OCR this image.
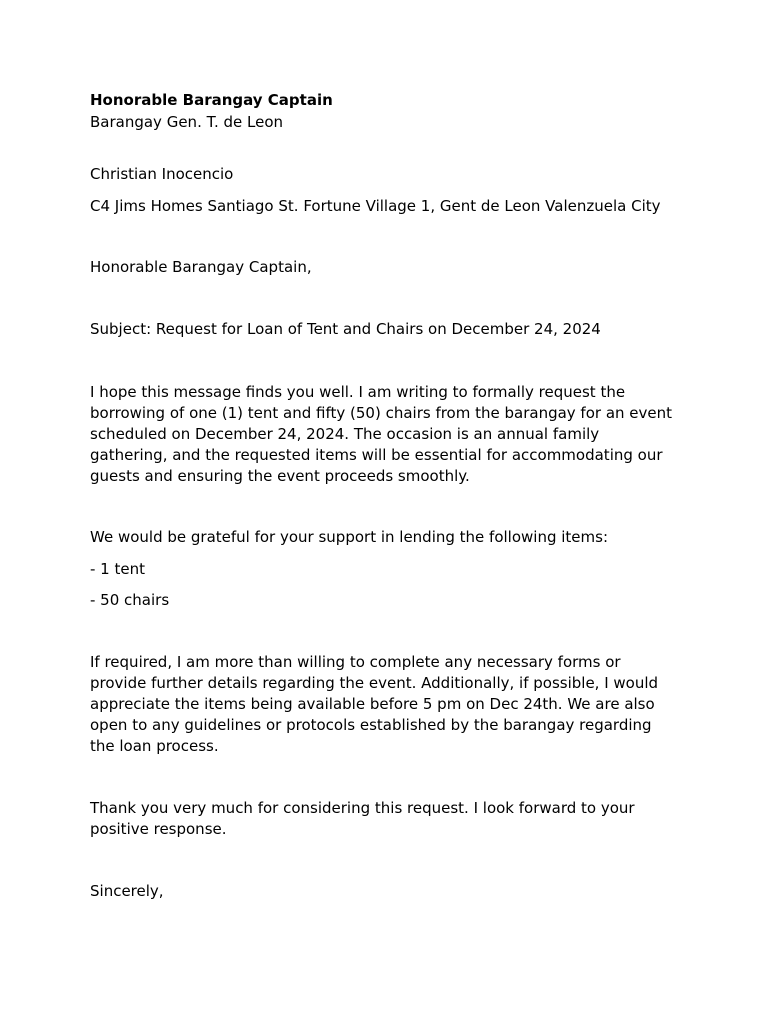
Honorable Barangay Captain

Barangay Gen. T. de Leon

Christian Inocencio

C4 Jims Homes Santiago St. Fortune Village 1, Gent de Leon Valenzuela City

Honorable Barangay Captain,

Subject: Request for Loan of Tent and Chairs on December 24, 2024

I hope this message finds you well. I am writing to formally request the
borrowing of one (1) tent and fifty (50) chairs from the barangay for an event
scheduled on December 24, 2024. The occasion is an annual family
gathering, and the requested items will be essential for accommodating our
guests and ensuring the event proceeds smoothly.

We would be grateful for your support in lending the following items:

- 1 tent

- 50 chairs

If required, I am more than willing to complete any necessary forms or
provide further details regarding the event. Additionally, if possible, I would
appreciate the items being available before 5 pm on Dec 24th. We are also
open to any guidelines or protocols established by the barangay regarding
the loan process.
Thank you very much for considering this request. I look forward to your
positive response.

Sincerely,
